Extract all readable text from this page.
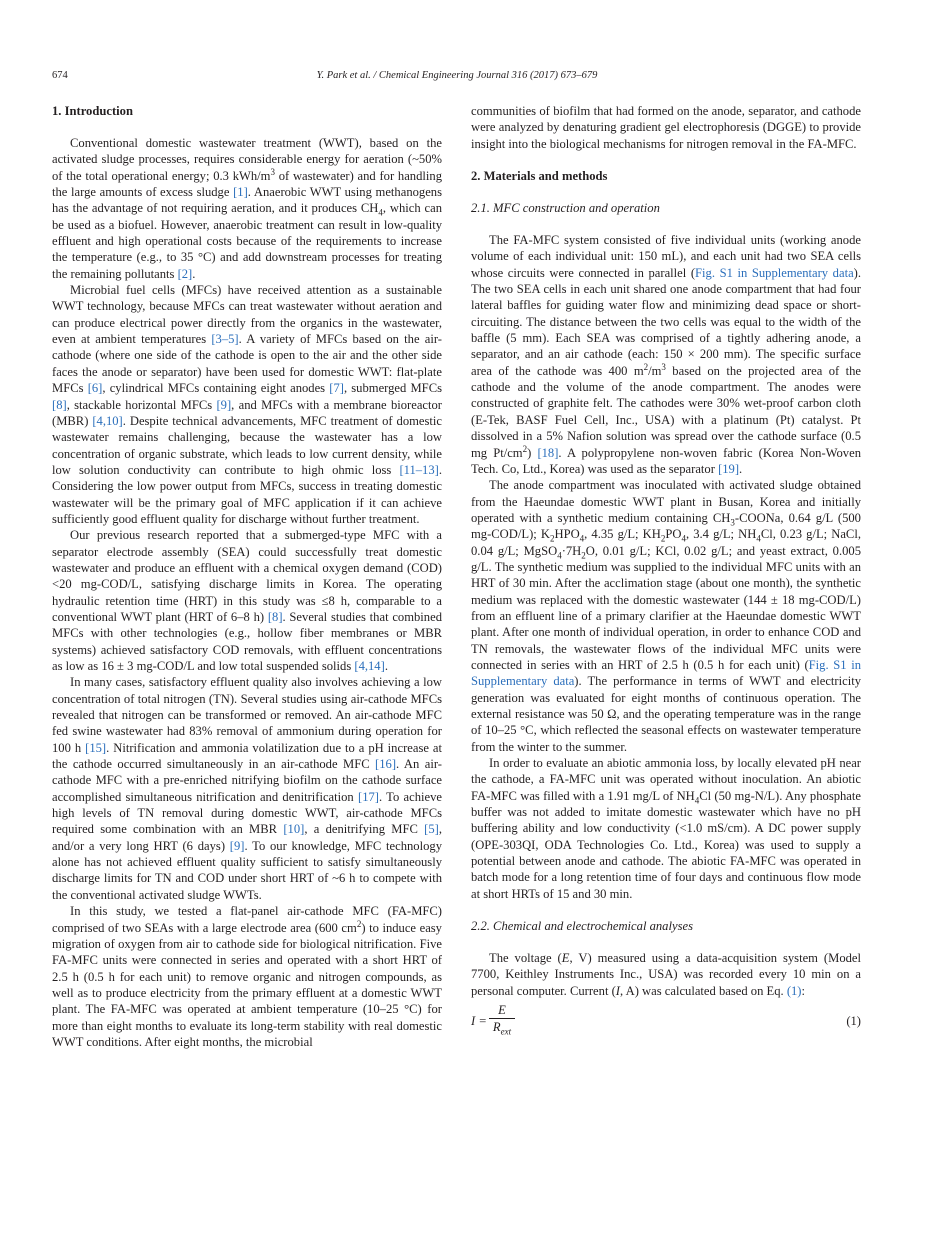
674	Y. Park et al. / Chemical Engineering Journal 316 (2017) 673–679
1. Introduction

Conventional domestic wastewater treatment (WWT), based on the activated sludge processes, requires considerable energy for aeration (~50% of the total operational energy; 0.3 kWh/$m^3$ of wastewater) and for handling the large amounts of excess sludge [1]. Anaerobic WWT using methanogens has the advantage of not requiring aeration, and it produces $CH_4$, which can be used as a biofuel. However, anaerobic treatment can result in low-quality effluent and high operational costs because of the requirements to increase the temperature (e.g., to 35 °C) and add downstream processes for treating the remaining pollutants [2].

Microbial fuel cells (MFCs) have received attention as a sustainable WWT technology, because MFCs can treat wastewater without aeration and can produce electrical power directly from the organics in the wastewater, even at ambient temperatures [3–5]. A variety of MFCs based on the air-cathode (where one side of the cathode is open to the air and the other side faces the anode or separator) have been used for domestic WWT: flat-plate MFCs [6], cylindrical MFCs containing eight anodes [7], submerged MFCs [8], stackable horizontal MFCs [9], and MFCs with a membrane bioreactor (MBR) [4,10]. Despite technical advancements, MFC treatment of domestic wastewater remains challenging, because the wastewater has a low concentration of organic substrate, which leads to low current density, while low solution conductivity can contribute to high ohmic loss [11–13]. Considering the low power output from MFCs, success in treating domestic wastewater will be the primary goal of MFC application if it can achieve sufficiently good effluent quality for discharge without further treatment.

Our previous research reported that a submerged-type MFC with a separator electrode assembly (SEA) could successfully treat domestic wastewater and produce an effluent with a chemical oxygen demand (COD) <20 mg-COD/L, satisfying discharge limits in Korea. The operating hydraulic retention time (HRT) in this study was ≤8 h, comparable to a conventional WWT plant (HRT of 6–8 h) [8]. Several studies that combined MFCs with other technologies (e.g., hollow fiber membranes or MBR systems) achieved satisfactory COD removals, with effluent concentrations as low as 16 ± 3 mg-COD/L and low total suspended solids [4,14].

In many cases, satisfactory effluent quality also involves achieving a low concentration of total nitrogen (TN). Several studies using air-cathode MFCs revealed that nitrogen can be transformed or removed. An air-cathode MFC fed swine wastewater had 83% removal of ammonium during operation for 100 h [15]. Nitrification and ammonia volatilization due to a pH increase at the cathode occurred simultaneously in an air-cathode MFC [16]. An air-cathode MFC with a pre-enriched nitrifying biofilm on the cathode surface accomplished simultaneous nitrification and denitrification [17]. To achieve high levels of TN removal during domestic WWT, air-cathode MFCs required some combination with an MBR [10], a denitrifying MFC [5], and/or a very long HRT (6 days) [9]. To our knowledge, MFC technology alone has not achieved effluent quality sufficient to satisfy simultaneously discharge limits for TN and COD under short HRT of ~6 h to compete with the conventional activated sludge WWTs.

In this study, we tested a flat-panel air-cathode MFC (FA-MFC) comprised of two SEAs with a large electrode area (600 $cm^2$) to induce easy migration of oxygen from air to cathode side for biological nitrification. Five FA-MFC units were connected in series and operated with a short HRT of 2.5 h (0.5 h for each unit) to remove organic and nitrogen compounds, as well as to produce electricity from the primary effluent at a domestic WWT plant. The FA-MFC was operated at ambient temperature (10–25 °C) for more than eight months to evaluate its long-term stability with real domestic WWT conditions. After eight months, the microbial

communities of biofilm that had formed on the anode, separator, and cathode were analyzed by denaturing gradient gel electrophoresis (DGGE) to provide insight into the biological mechanisms for nitrogen removal in the FA-MFC.

2. Materials and methods
2.1. MFC construction and operation

The FA-MFC system consisted of five individual units (working anode volume of each individual unit: 150 mL), and each unit had two SEA cells whose circuits were connected in parallel (Fig. S1 in Supplementary data). The two SEA cells in each unit shared one anode compartment that had four lateral baffles for guiding water flow and minimizing dead space or short-circuiting. The distance between the two cells was equal to the width of the baffle (5 mm). Each SEA was comprised of a tightly adhering anode, a separator, and an air cathode (each: 150 × 200 mm). The specific surface area of the cathode was 400 $m^2/m^3$ based on the projected area of the cathode and the volume of the anode compartment. The anodes were constructed of graphite felt. The cathodes were 30% wet-proof carbon cloth (E-Tek, BASF Fuel Cell, Inc., USA) with a platinum (Pt) catalyst. Pt dissolved in a 5% Nafion solution was spread over the cathode surface (0.5 mg $Pt/cm^2$) [18]. A polypropylene non-woven fabric (Korea Non-Woven Tech. Co, Ltd., Korea) was used as the separator [19].

The anode compartment was inoculated with activated sludge obtained from the Haeundae domestic WWT plant in Busan, Korea and initially operated with a synthetic medium containing $CH_3$-COONa, 0.64 g/L (500 mg-COD/L); $K_2HPO_4$, 4.35 g/L; $KH_2PO_4$, 3.4 g/L; $NH_4Cl$, 0.23 g/L; NaCl, 0.04 g/L; $MgSO_4\cdot 7H_2O$, 0.01 g/L; KCl, 0.02 g/L; and yeast extract, 0.005 g/L. The synthetic medium was supplied to the individual MFC units with an HRT of 30 min. After the acclimation stage (about one month), the synthetic medium was replaced with the domestic wastewater (144 ± 18 mg-COD/L) from an effluent line of a primary clarifier at the Haeundae domestic WWT plant. After one month of individual operation, in order to enhance COD and TN removals, the wastewater flows of the individual MFC units were connected in series with an HRT of 2.5 h (0.5 h for each unit) (Fig. S1 in Supplementary data). The performance in terms of WWT and electricity generation was evaluated for eight months of continuous operation. The external resistance was 50 Ω, and the operating temperature was in the range of 10–25 °C, which reflected the seasonal effects on wastewater temperature from the winter to the summer.

In order to evaluate an abiotic ammonia loss, by locally elevated pH near the cathode, a FA-MFC unit was operated without inoculation. An abiotic FA-MFC was filled with a 1.91 mg/L of $NH_4Cl$ (50 mg-N/L). Any phosphate buffer was not added to imitate domestic wastewater which have no pH buffering ability and low conductivity (<1.0 mS/cm). A DC power supply (OPE-303QI, ODA Technologies Co. Ltd., Korea) was used to supply a potential between anode and cathode. The abiotic FA-MFC was operated in batch mode for a long retention time of four days and continuous flow mode at short HRTs of 15 and 30 min.

2.2. Chemical and electrochemical analyses

The voltage (E, V) measured using a data-acquisition system (Model 7700, Keithley Instruments Inc., USA) was recorded every 10 min on a personal computer. Current (I, A) was calculated based on Eq. (1):

I =
E
$R_{ext}$
(1)
